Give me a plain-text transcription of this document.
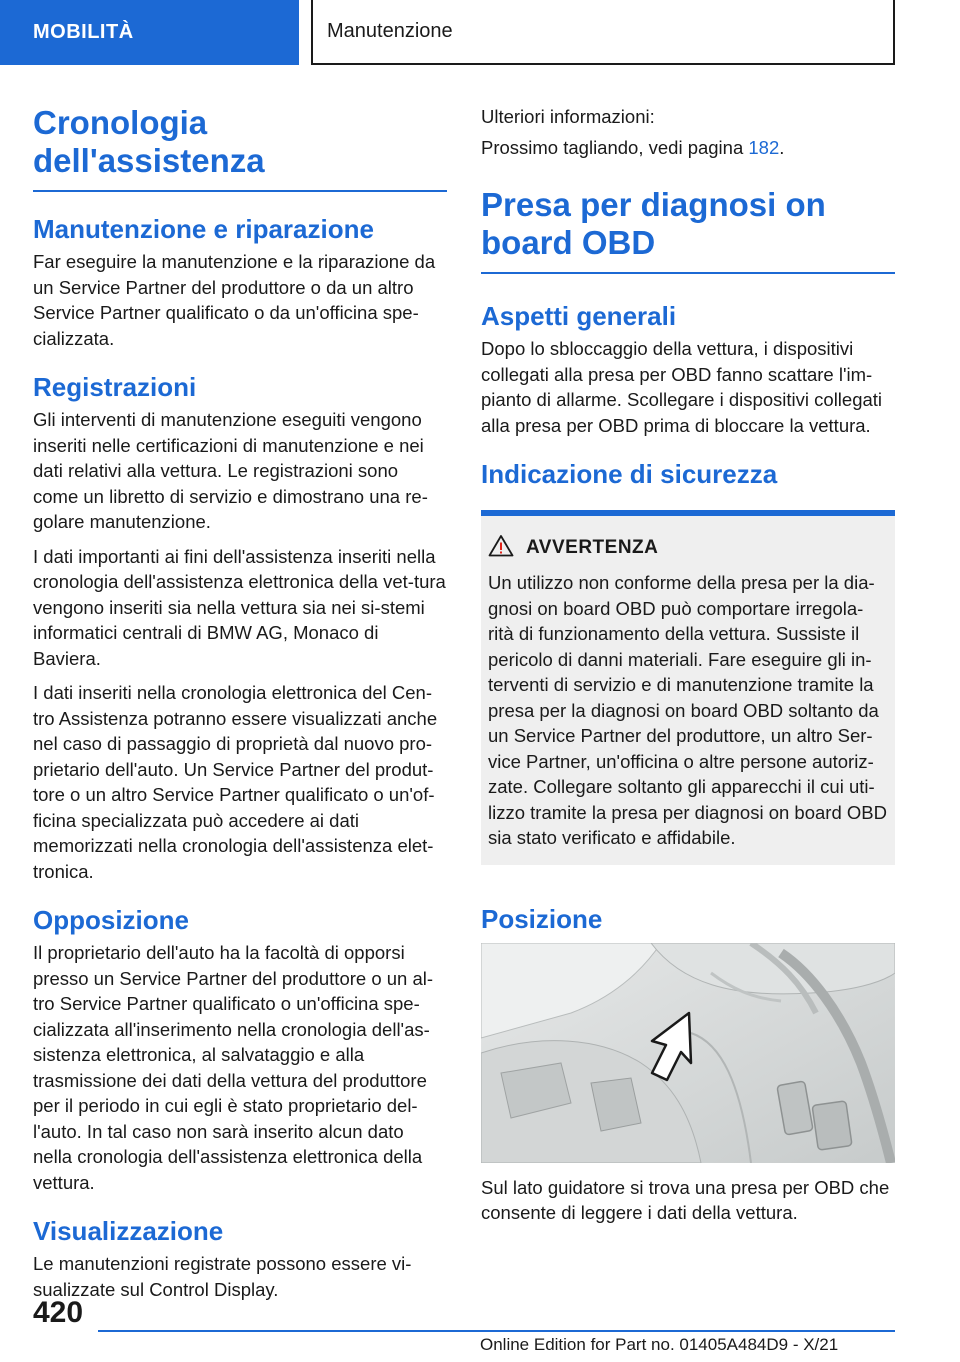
MOBILITÀ	Manutenzione
Cronologia dell'assistenza
Manutenzione e riparazione

Far eseguire la manutenzione e la riparazione da un Service Partner del produttore o da un altro Service Partner qualificato o da un'officina spe-cializzata.

Registrazioni

Gli interventi di manutenzione eseguiti vengono inseriti nelle certificazioni di manutenzione e nei dati relativi alla vettura. Le registrazioni sono come un libretto di servizio e dimostrano una re-golare manutenzione.

I dati importanti ai fini dell'assistenza inseriti nella cronologia dell'assistenza elettronica della vet-tura vengono inseriti sia nella vettura sia nei si-stemi informatici centrali di BMW AG, Monaco di Baviera.

I dati inseriti nella cronologia elettronica del Cen-tro Assistenza potranno essere visualizzati anche nel caso di passaggio di proprietà dal nuovo pro-prietario dell'auto. Un Service Partner del produt-tore o un altro Service Partner qualificato o un'of-ficina specializzata può accedere ai dati memorizzati nella cronologia dell'assistenza elet-tronica.

Opposizione

Il proprietario dell'auto ha la facoltà di opporsi presso un Service Partner del produttore o un al-tro Service Partner qualificato o un'officina spe-cializzata all'inserimento nella cronologia dell'as-sistenza elettronica, al salvataggio e alla trasmissione dei dati della vettura del produttore per il periodo in cui egli è stato proprietario del-l'auto. In tal caso non sarà inserito alcun dato nella cronologia dell'assistenza elettronica della vettura.

Visualizzazione

Le manutenzioni registrate possono essere vi-sualizzate sul Control Display.

Ulteriori informazioni:

Prossimo tagliando, vedi pagina 182.

Presa per diagnosi on board OBD
Aspetti generali

Dopo lo sbloccaggio della vettura, i dispositivi collegati alla presa per OBD fanno scattare l'im-pianto di allarme. Scollegare i dispositivi collegati alla presa per OBD prima di bloccare la vettura.

Indicazione di sicurezza
AVVERTENZA

Un utilizzo non conforme della presa per la dia-gnosi on board OBD può comportare irregola-rità di funzionamento della vettura. Sussiste il pericolo di danni materiali. Fare eseguire gli in-terventi di servizio e di manutenzione tramite la presa per la diagnosi on board OBD soltanto da un Service Partner del produttore, un altro Ser-vice Partner, un'officina o altre persone autoriz-zate. Collegare soltanto gli apparecchi il cui uti-lizzo tramite la presa per diagnosi on board OBD sia stato verificato e affidabile.

Posizione

Sul lato guidatore si trova una presa per OBD che consente di leggere i dati della vettura.

420
Online Edition for Part no. 01405A484D9 - X/21
